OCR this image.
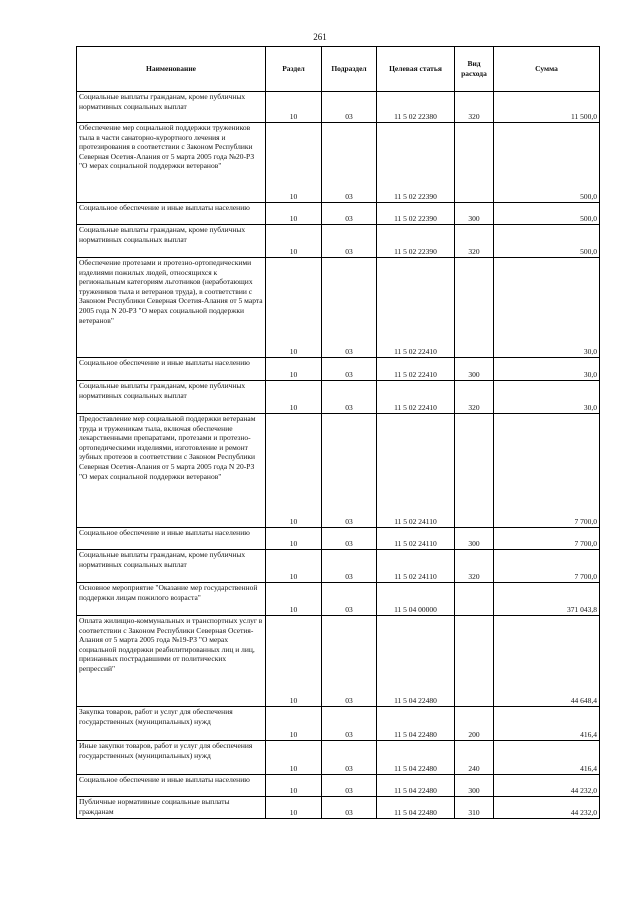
261
Наименование	Раздел	Подраздел	Целевая статья	Вид расхода	Сумма
Социальные выплаты гражданам, кроме публичных нормативных социальных выплат	10	03	11 5 02 22380	320	11 500,0
Обеспечение мер социальной поддержки тружеников тыла в части санаторно-курортного лечения и протезирования в соответствии с Законом Республики Северная Осетия-Алания от 5 марта 2005 года №20-РЗ "О мерах социальной поддержки ветеранов"	10	03	11 5 02 22390		500,0
Социальное обеспечение и иные выплаты населению	10	03	11 5 02 22390	300	500,0
Социальные выплаты гражданам, кроме публичных нормативных социальных выплат	10	03	11 5 02 22390	320	500,0
Обеспечение протезами и протезно-ортопедическими изделиями пожилых людей, относящихся к региональным категориям льготников (неработающих тружеников тыла и ветеранов труда), в соответствии с Законом Республики Северная Осетия-Алания от 5 марта 2005 года N 20-РЗ "О мерах социальной поддержки ветеранов"	10	03	11 5 02 22410		30,0
Социальное обеспечение и иные выплаты населению	10	03	11 5 02 22410	300	30,0
Социальные выплаты гражданам, кроме публичных нормативных социальных выплат	10	03	11 5 02 22410	320	30,0
Предоставление мер социальной поддержки ветеранам труда и труженикам тыла, включая обеспечение лекарственными препаратами, протезами и протезно-ортопедическими изделиями, изготовление и ремонт зубных протезов в соответствии с Законом Республики Северная Осетия-Алания от 5 марта 2005 года N 20-РЗ "О мерах социальной поддержки ветеранов"	10	03	11 5 02 24110		7 700,0
Социальное обеспечение и иные выплаты населению	10	03	11 5 02 24110	300	7 700,0
Социальные выплаты гражданам, кроме публичных нормативных социальных выплат	10	03	11 5 02 24110	320	7 700,0
Основное мероприятие "Оказание мер государственной поддержки лицам пожилого возраста"	10	03	11 5 04 00000		371 043,8
Оплата жилищно-коммунальных и транспортных услуг в соответствии с Законом Республики Северная Осетия-Алания от 5 марта 2005 года №19-РЗ "О мерах социальной поддержки реабилитированных лиц и лиц, признанных пострадавшими от политических репрессий"	10	03	11 5 04 22480		44 648,4
Закупка товаров, работ и услуг для обеспечения государственных (муниципальных) нужд	10	03	11 5 04 22480	200	416,4
Иные закупки товаров, работ и услуг для обеспечения государственных (муниципальных) нужд	10	03	11 5 04 22480	240	416,4
Социальное обеспечение и иные выплаты населению	10	03	11 5 04 22480	300	44 232,0
Публичные нормативные социальные выплаты гражданам	10	03	11 5 04 22480	310	44 232,0
